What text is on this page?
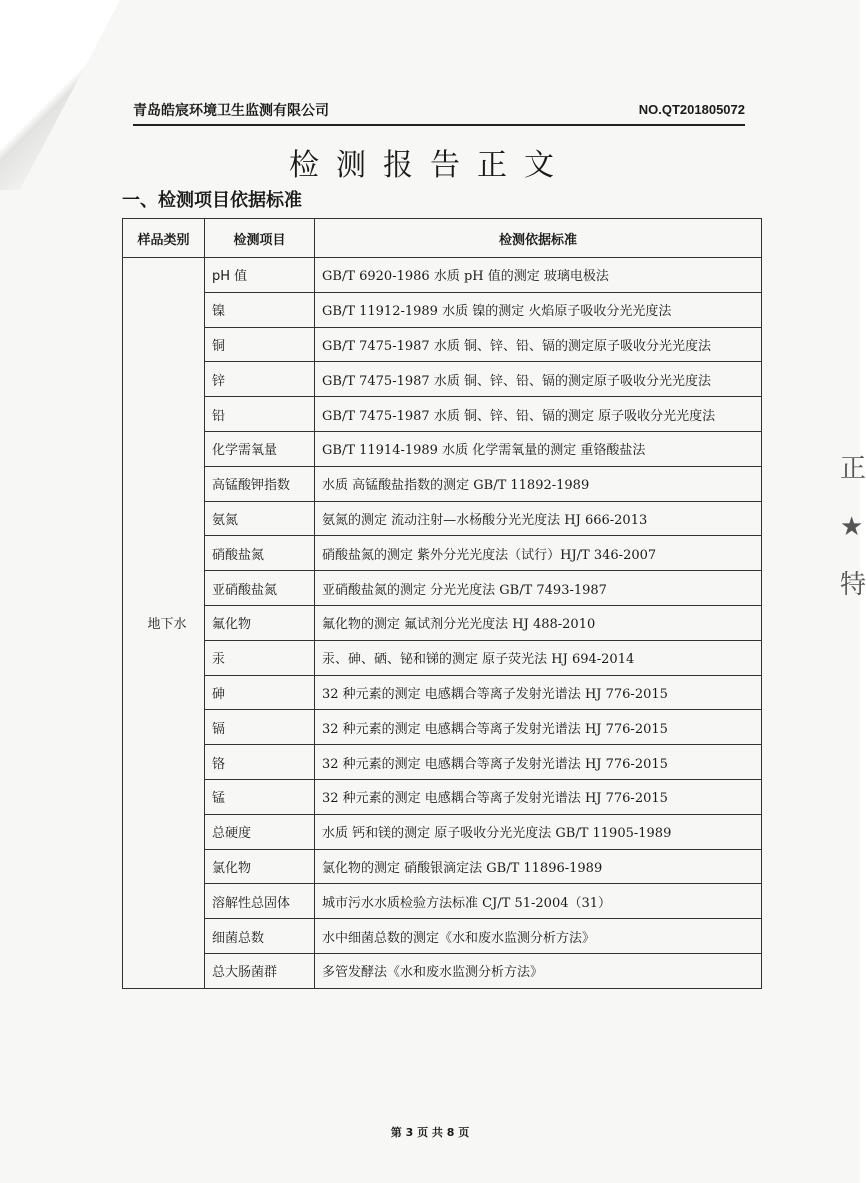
正
★
特
青岛皓宸环境卫生监测有限公司	NO.QT201805072
检测报告正文
一、检测项目依据标准
样品类别	检测项目	检测依据标准
地下水	pH 值	GB/T 6920-1986 水质 pH 值的测定 玻璃电极法
	镍	GB/T 11912-1989 水质 镍的测定 火焰原子吸收分光光度法
	铜	GB/T 7475-1987 水质 铜、锌、铅、镉的测定原子吸收分光光度法
	锌	GB/T 7475-1987 水质 铜、锌、铅、镉的测定原子吸收分光光度法
	铅	GB/T 7475-1987 水质 铜、锌、铅、镉的测定 原子吸收分光光度法
	化学需氧量	GB/T 11914-1989 水质 化学需氧量的测定 重铬酸盐法
	高锰酸钾指数	水质 高锰酸盐指数的测定 GB/T 11892-1989
	氨氮	氨氮的测定 流动注射—水杨酸分光光度法 HJ 666-2013
	硝酸盐氮	硝酸盐氮的测定 紫外分光光度法（试行）HJ/T 346-2007
	亚硝酸盐氮	亚硝酸盐氮的测定 分光光度法 GB/T 7493-1987
	氟化物	氟化物的测定 氟试剂分光光度法 HJ 488-2010
	汞	汞、砷、硒、铋和锑的测定 原子荧光法 HJ 694-2014
	砷	32 种元素的测定 电感耦合等离子发射光谱法 HJ 776-2015
	镉	32 种元素的测定 电感耦合等离子发射光谱法 HJ 776-2015
	铬	32 种元素的测定 电感耦合等离子发射光谱法 HJ 776-2015
	锰	32 种元素的测定 电感耦合等离子发射光谱法 HJ 776-2015
	总硬度	水质 钙和镁的测定 原子吸收分光光度法 GB/T 11905-1989
	氯化物	氯化物的测定 硝酸银滴定法 GB/T 11896-1989
	溶解性总固体	城市污水水质检验方法标准 CJ/T 51-2004（31）
	细菌总数	水中细菌总数的测定《水和废水监测分析方法》
	总大肠菌群	多管发酵法《水和废水监测分析方法》
第 3 页 共 8 页
